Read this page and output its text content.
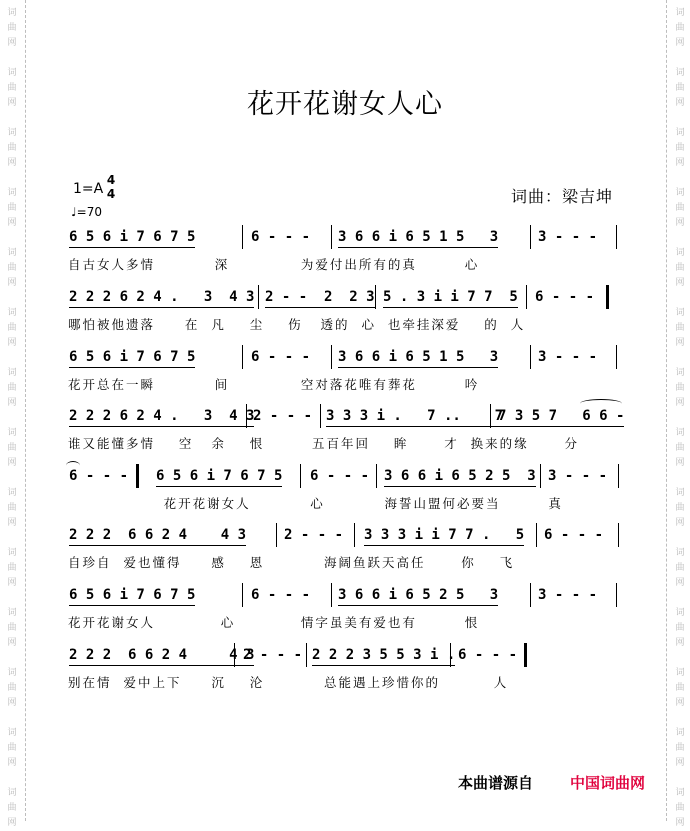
词
曲
网
词
曲
网
词
曲
网
词
曲
网
词
曲
网
词
曲
网
词
曲
网
词
曲
网
词
曲
网
词
曲
网
词
曲
网
词
曲
网
词
曲
网
词
曲
网
词
曲
网
词
曲
网
词
曲
网
词
曲
网
词
曲
网
词
曲
网
词
曲
网
词
曲
网
词
曲
网
词
曲
网
词
曲
网
词
曲
网
词
曲
网
词
曲
网
花开花谢女人心
1=A
4
4
♩=70
词曲：梁吉坤
6 5 6 i 7 6 7 5	6 - - - 3 6 6 i 6 5 1 5   3	3 - - -
自古女人多情          深            为爱付出所有的真        心
2 2 2 6 2 4 .   3  4 3 2 - -  2  2 3 5 . 3 i i 7 7  5 6 - - -
哪怕被他遗落     在  凡    尘    伤   透的  心  也牵挂深爱    的  人
6 5 6 i 7 6 7 5	6 - - - 3 6 6 i 6 5 1 5   3	3 - - -
花开总在一瞬          间            空对落花唯有葬花        吟
2 2 2 6 2 4 .   3  4 3
2 - - - 3 3 3 i .   7 ..    7
7 3 5 7   6 6 -
谁又能懂多情    空   余    恨        五百年回    眸      才  换来的缘      分
6 - - - 6 5 6 i 7 6 7 5 6 - - - 3 6 6 i 6 5 2 5  3 3 - - -
花开花谢女人          心          海誓山盟何必要当        真
2 2 2  6 6 2 4    4 3	2 - - - 3 3 3 i i 7 7 .   5 6 - - -
自珍自  爱也懂得     感    恩          海阔鱼跃天高任      你    飞
6 5 6 i 7 6 7 5	6 - - - 3 6 6 i 6 5 2 5   3	3 - - -
花开花谢女人           心           情字虽美有爱也有        恨
2 2 2  6 6 2 4     4 3
2 - - - 2 2 2 3 5 5 3 i . 6 - - -
别在情  爱中上下     沉    沦          总能遇上珍惜你的         人
本曲谱源自 中国词曲网
